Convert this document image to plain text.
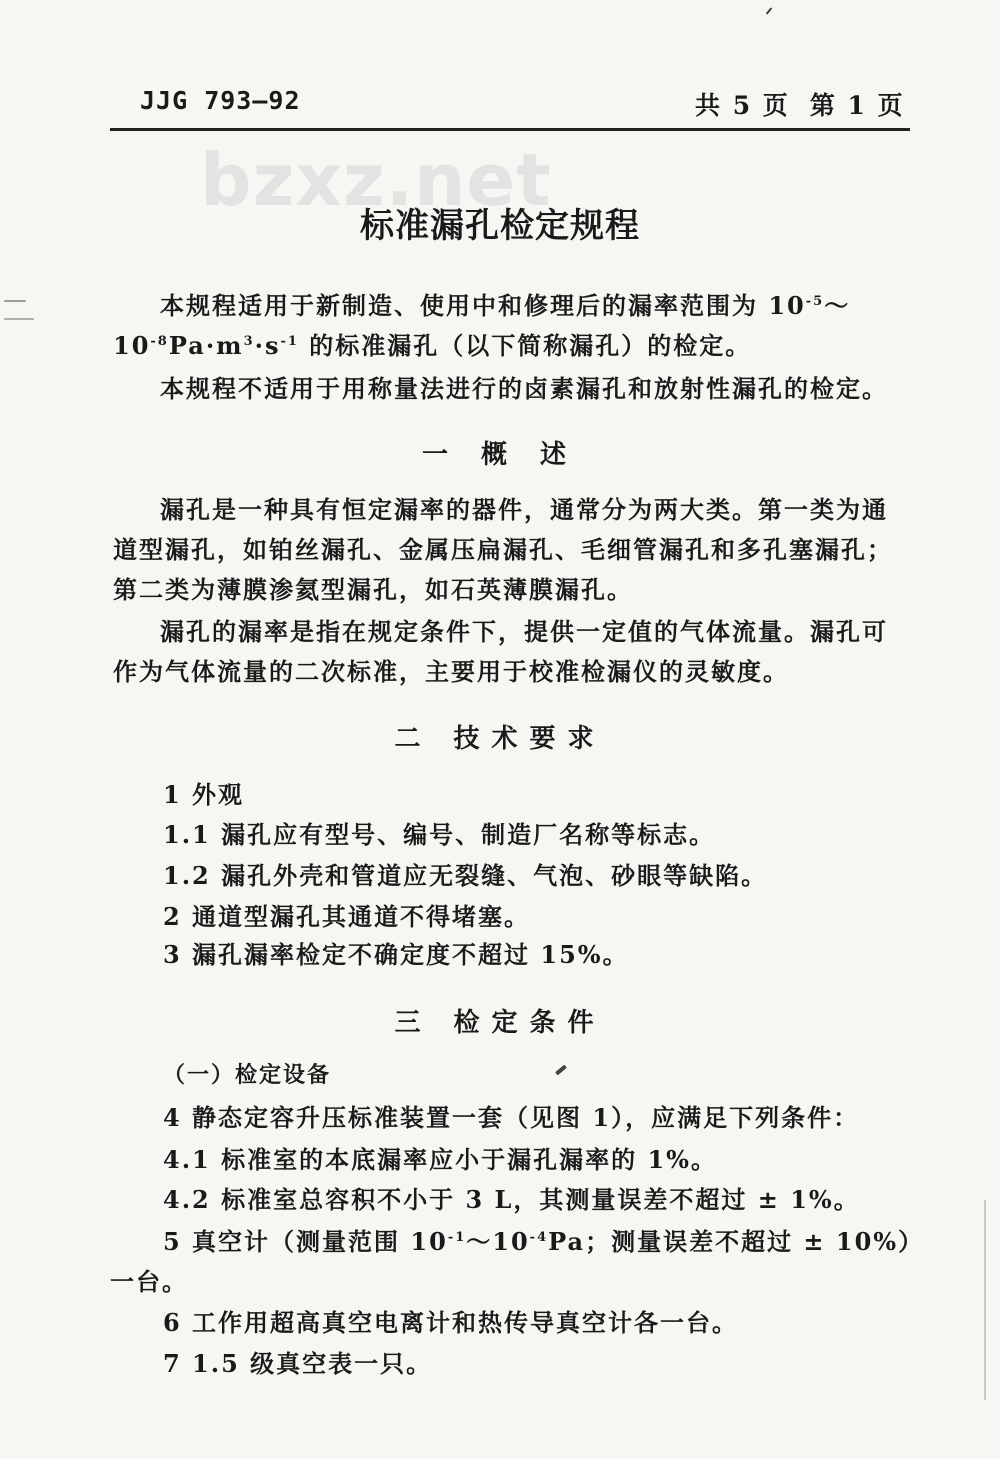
JJG 793—92	共 5 页 第 1 页
bzxz.net
标准漏孔检定规程
本规程适用于新制造、使用中和修理后的漏率范围为 $10^{-5}\sim$
$10^{-8}Pa\cdot m^3\cdot s^{-1}$ 的标准漏孔（以下简称漏孔）的检定。
本规程不适用于用称量法进行的卤素漏孔和放射性漏孔的检定。
一 概 述
漏孔是一种具有恒定漏率的器件，通常分为两大类。第一类为通
道型漏孔，如铂丝漏孔、金属压扁漏孔、毛细管漏孔和多孔塞漏孔；
第二类为薄膜渗氦型漏孔，如石英薄膜漏孔。
漏孔的漏率是指在规定条件下，提供一定值的气体流量。漏孔可
作为气体流量的二次标准，主要用于校准检漏仪的灵敏度。
二 技术要求
1 外观
1.1 漏孔应有型号、编号、制造厂名称等标志。
1.2 漏孔外壳和管道应无裂缝、气泡、砂眼等缺陷。
2 通道型漏孔其通道不得堵塞。
3 漏孔漏率检定不确定度不超过 15%。
三 检定条件
（一）检定设备
4 静态定容升压标准装置一套（见图 1），应满足下列条件：
4.1 标准室的本底漏率应小于漏孔漏率的 1%。
4.2 标准室总容积不小于 3 L，其测量误差不超过 ± 1%。
5 真空计（测量范围 $10^{-1}\sim 10^{-4}Pa$；测量误差不超过 ± 10%）
一台。
6 工作用超高真空电离计和热传导真空计各一台。
7 1.5 级真空表一只。
